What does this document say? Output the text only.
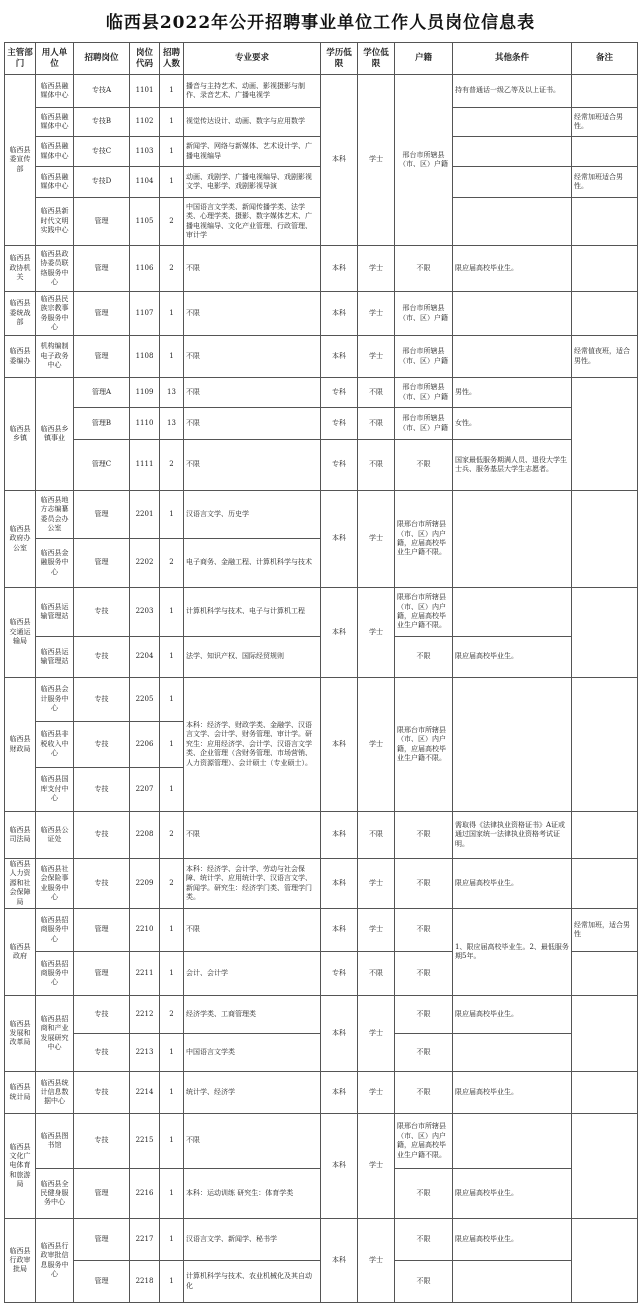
临西县2022年公开招聘事业单位工作人员岗位信息表
主管部门	用人单位	招聘岗位	岗位代码	招聘人数	专业要求	学历低限	学位低限	户籍	其他条件	备注
临西县委宣传部	临西县融媒体中心	专技A	1101	1	播音与主持艺术、动画、影视摄影与制作、录音艺术、广播电视学	本科	学士	邢台市所辖县（市、区）户籍	持有普通话一级乙等及以上证书。	
	临西县融媒体中心	专技B	1102	1	视觉传达设计、动画、数字与应用数学					经常加班适合男性。
	临西县融媒体中心	专技C	1103	1	新闻学、网络与新媒体、艺术设计学、广播电视编导					
	临西县融媒体中心	专技D	1104	1	动画、戏剧学、广播电视编导、戏剧影视文学、电影学、戏剧影视导演					经常加班适合男性。
	临西县新时代文明实践中心	管理	1105	2	中国语言文学类、新闻传播学类、法学类、心理学类、摄影、数字媒体艺术、广播电视编导、文化产业管理、行政管理、审计学					
临西县政协机关	临西县政协委员联络服务中心	管理	1106	2	不限	本科	学士	不限	限应届高校毕业生。	
临西县委统战部	临西县民族宗教事务服务中心	管理	1107	1	不限	本科	学士	邢台市所辖县（市、区）户籍		
临西县委编办	机构编制电子政务中心	管理	1108	1	不限	本科	学士	邢台市所辖县（市、区）户籍		经常值夜班，适合男性。
临西县乡镇	临西县乡镇事业	管理A	1109	13	不限	专科	不限	邢台市所辖县（市、区）户籍	男性。	
		管理B	1110	13	不限	专科	不限	邢台市所辖县（市、区）户籍	女性。	
		管理C	1111	2	不限	专科	不限	不限	国家最低服务期满人员、退役大学生士兵、服务基层大学生志愿者。	
临西县政府办公室	临西县地方志编纂委员会办公室	管理	2201	1	汉语言文学、历史学	本科	学士	限邢台市所辖县（市、区）内户籍，应届高校毕业生户籍不限。		
	临西县金融服务中心	管理	2202	2	电子商务、金融工程、计算机科学与技术					
临西县交通运输局	临西县运输管理站	专技	2203	1	计算机科学与技术、电子与计算机工程	本科	学士	限邢台市所辖县（市、区）内户籍，应届高校毕业生户籍不限。		
	临西县运输管理站	专技	2204	1	法学、知识产权、国际经贸规则			不限	限应届高校毕业生。	
临西县财政局	临西县会计服务中心	专技	2205	1	本科：经济学、财政学类、金融学、汉语言文学、会计学、财务管理、审计学。研究生：应用经济学、会计学、汉语言文学类、企业管理（含财务管理、市场营销、人力资源管理）、会计硕士（专业硕士）。	本科	学士	限邢台市所辖县（市、区）内户籍，应届高校毕业生户籍不限。		
	临西县非税收入中心	专技	2206	1						
	临西县国库支付中心	专技	2207	1						
临西县司法局	临西县公证处	专技	2208	2	不限	本科	不限	不限	需取得《法律执业资格证书》A证或通过国家统一法律执业资格考试证明。	
临西县人力资源和社会保障局	临西县社会保险事业服务中心	专技	2209	2	本科：经济学、会计学、劳动与社会保障、统计学、应用统计学、汉语言文学、新闻学。研究生：经济学门类、管理学门类。	本科	学士	不限	限应届高校毕业生。	
临西县政府	临西县招商服务中心	管理	2210	1	不限	本科	学士	不限	1、限应届高校毕业生。2、最低服务期5年。	经常加班，适合男性
	临西县招商服务中心	管理	2211	1	会计、会计学	专科	不限	不限		
临西县发展和改革局	临西县招商和产业发展研究中心	专技	2212	2	经济学类、工商管理类	本科	学士	不限	限应届高校毕业生。	
		专技	2213	1	中国语言文学类			不限		
临西县统计局	临西县统计信息数据中心	专技	2214	1	统计学、经济学	本科	学士	不限	限应届高校毕业生。	
临西县文化广电体育和旅游局	临西县图书馆	专技	2215	1	不限	本科	学士	限邢台市所辖县（市、区）内户籍，应届高校毕业生户籍不限。		
	临西县全民健身服务中心	管理	2216	1	本科：运动训练 研究生：体育学类			不限	限应届高校毕业生。	
临西县行政审批局	临西县行政审批信息服务中心	管理	2217	1	汉语言文学、新闻学、秘书学	本科	学士	不限	限应届高校毕业生。	
		管理	2218	1	计算机科学与技术、农业机械化及其自动化			不限		
